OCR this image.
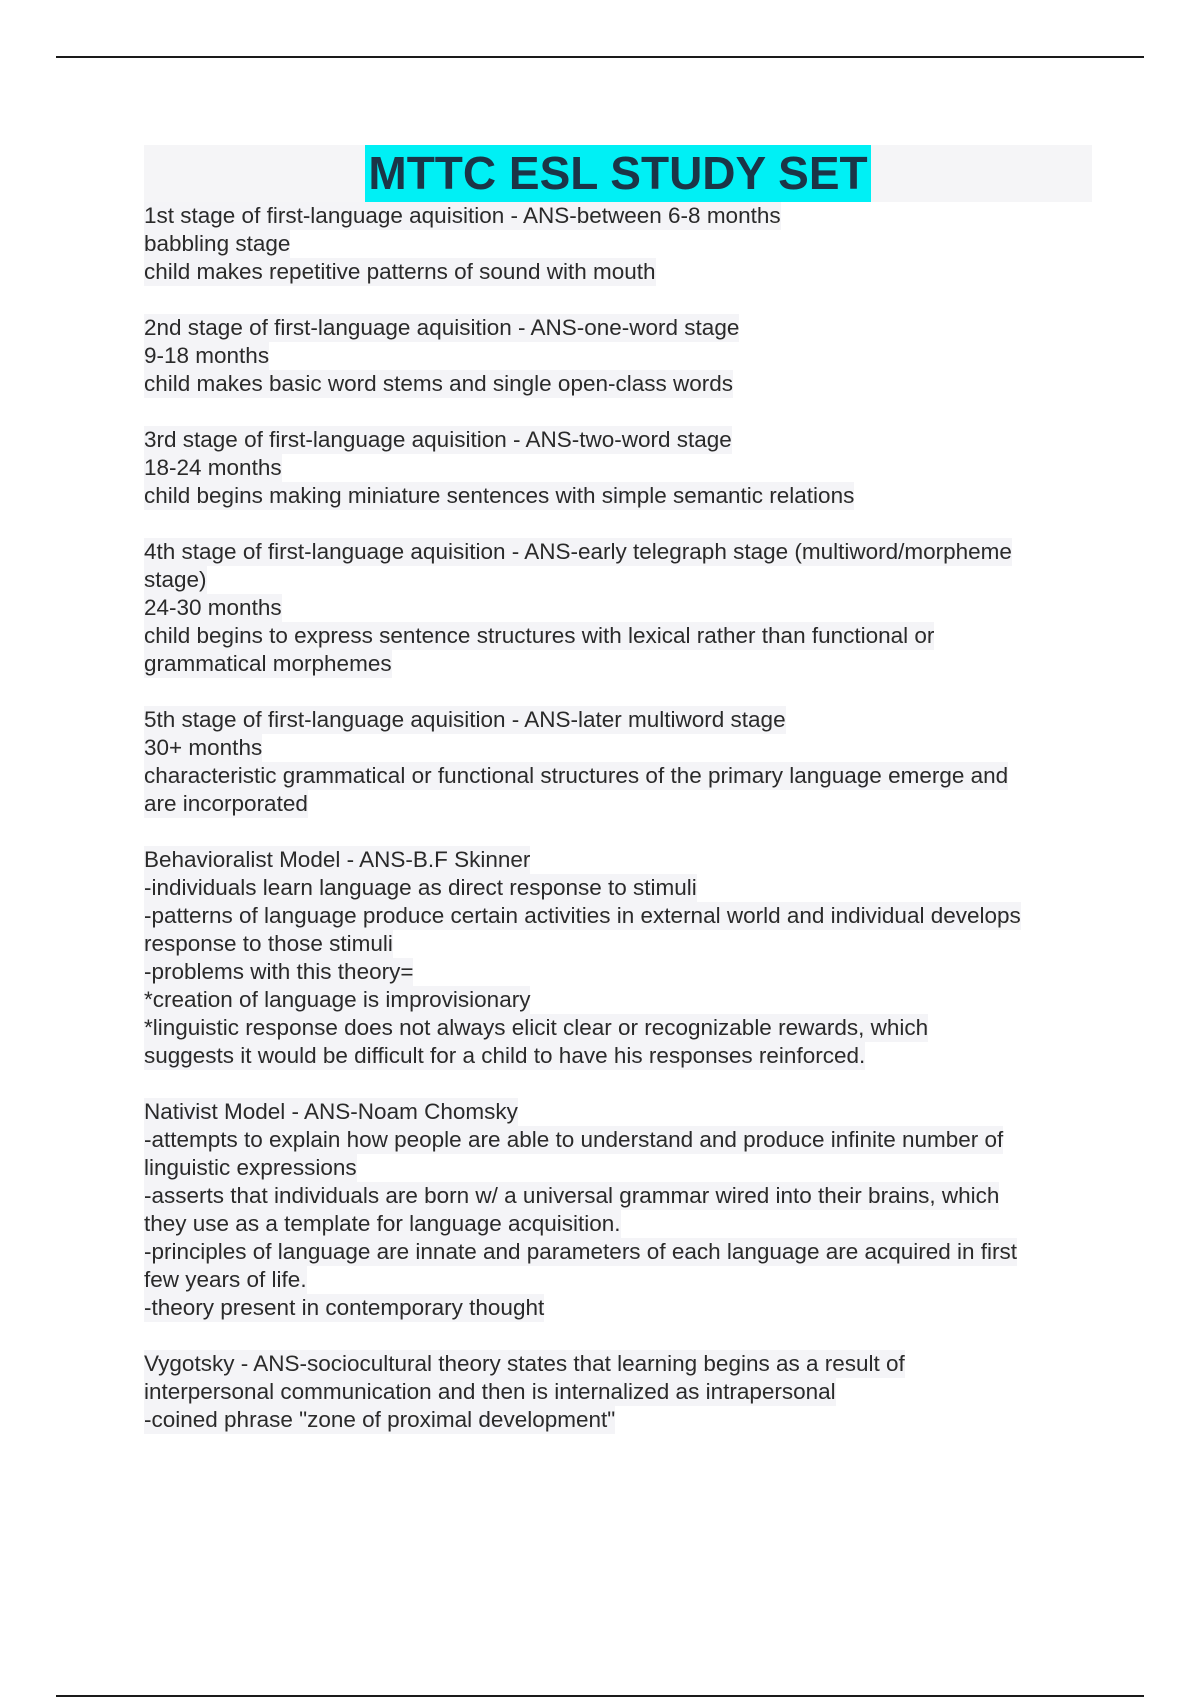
MTTC ESL STUDY SET
1st stage of first-language aquisition - ANS-between 6-8 months
babbling stage
child makes repetitive patterns of sound with mouth
2nd stage of first-language aquisition - ANS-one-word stage
9-18 months
child makes basic word stems and single open-class words
3rd stage of first-language aquisition - ANS-two-word stage
18-24 months
child begins making miniature sentences with simple semantic relations
4th stage of first-language aquisition - ANS-early telegraph stage (multiword/morpheme
stage)
24-30 months
child begins to express sentence structures with lexical rather than functional or
grammatical morphemes
5th stage of first-language aquisition - ANS-later multiword stage
30+ months
characteristic grammatical or functional structures of the primary language emerge and
are incorporated
Behavioralist Model - ANS-B.F Skinner
-individuals learn language as direct response to stimuli
-patterns of language produce certain activities in external world and individual develops
response to those stimuli
-problems with this theory=
*creation of language is improvisionary
*linguistic response does not always elicit clear or recognizable rewards, which
suggests it would be difficult for a child to have his responses reinforced.
Nativist Model - ANS-Noam Chomsky
-attempts to explain how people are able to understand and produce infinite number of
linguistic expressions
-asserts that individuals are born w/ a universal grammar wired into their brains, which
they use as a template for language acquisition.
-principles of language are innate and parameters of each language are acquired in first
few years of life.
-theory present in contemporary thought
Vygotsky - ANS-sociocultural theory states that learning begins as a result of
interpersonal communication and then is internalized as intrapersonal
-coined phrase "zone of proximal development"
